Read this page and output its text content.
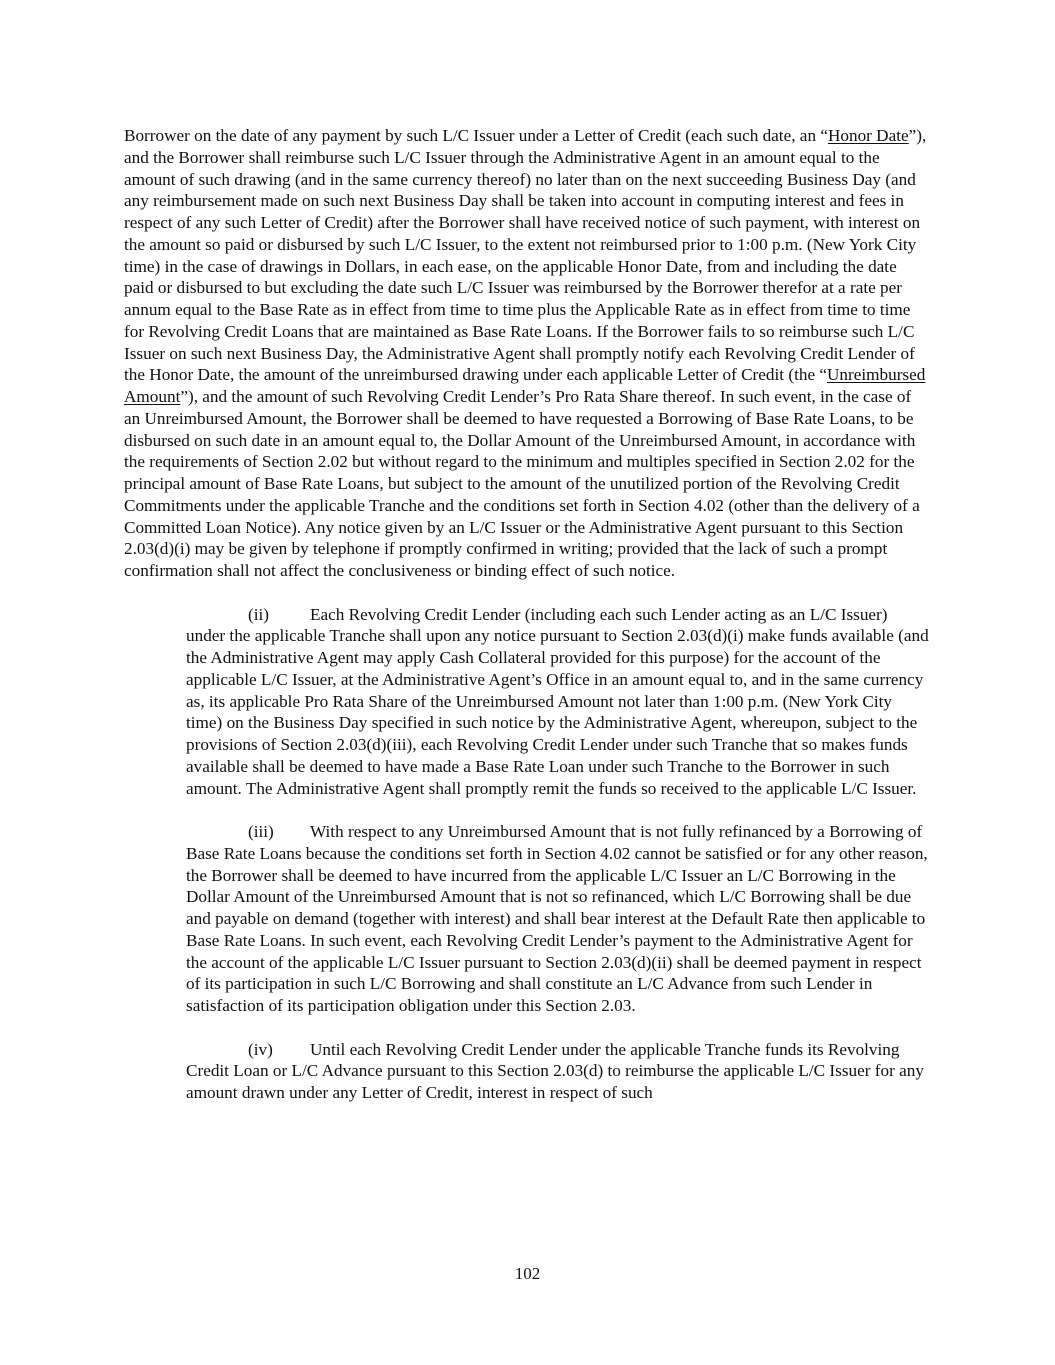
Borrower on the date of any payment by such L/C Issuer under a Letter of Credit (each such date, an “Honor Date”), and the Borrower shall reimburse such L/C Issuer through the Administrative Agent in an amount equal to the amount of such drawing (and in the same currency thereof) no later than on the next succeeding Business Day (and any reimbursement made on such next Business Day shall be taken into account in computing interest and fees in respect of any such Letter of Credit) after the Borrower shall have received notice of such payment, with interest on the amount so paid or disbursed by such L/C Issuer, to the extent not reimbursed prior to 1:00 p.m. (New York City time) in the case of drawings in Dollars, in each ease, on the applicable Honor Date, from and including the date paid or disbursed to but excluding the date such L/C Issuer was reimbursed by the Borrower therefor at a rate per annum equal to the Base Rate as in effect from time to time plus the Applicable Rate as in effect from time to time for Revolving Credit Loans that are maintained as Base Rate Loans. If the Borrower fails to so reimburse such L/C Issuer on such next Business Day, the Administrative Agent shall promptly notify each Revolving Credit Lender of the Honor Date, the amount of the unreimbursed drawing under each applicable Letter of Credit (the “Unreimbursed Amount”), and the amount of such Revolving Credit Lender’s Pro Rata Share thereof. In such event, in the case of an Unreimbursed Amount, the Borrower shall be deemed to have requested a Borrowing of Base Rate Loans, to be disbursed on such date in an amount equal to, the Dollar Amount of the Unreimbursed Amount, in accordance with the requirements of Section 2.02 but without regard to the minimum and multiples specified in Section 2.02 for the principal amount of Base Rate Loans, but subject to the amount of the unutilized portion of the Revolving Credit Commitments under the applicable Tranche and the conditions set forth in Section 4.02 (other than the delivery of a Committed Loan Notice). Any notice given by an L/C Issuer or the Administrative Agent pursuant to this Section 2.03(d)(i) may be given by telephone if promptly confirmed in writing; provided that the lack of such a prompt confirmation shall not affect the conclusiveness or binding effect of such notice.

(ii) Each Revolving Credit Lender (including each such Lender acting as an L/C Issuer) under the applicable Tranche shall upon any notice pursuant to Section 2.03(d)(i) make funds available (and the Administrative Agent may apply Cash Collateral provided for this purpose) for the account of the applicable L/C Issuer, at the Administrative Agent’s Office in an amount equal to, and in the same currency as, its applicable Pro Rata Share of the Unreimbursed Amount not later than 1:00 p.m. (New York City time) on the Business Day specified in such notice by the Administrative Agent, whereupon, subject to the provisions of Section 2.03(d)(iii), each Revolving Credit Lender under such Tranche that so makes funds available shall be deemed to have made a Base Rate Loan under such Tranche to the Borrower in such amount. The Administrative Agent shall promptly remit the funds so received to the applicable L/C Issuer.

(iii) With respect to any Unreimbursed Amount that is not fully refinanced by a Borrowing of Base Rate Loans because the conditions set forth in Section 4.02 cannot be satisfied or for any other reason, the Borrower shall be deemed to have incurred from the applicable L/C Issuer an L/C Borrowing in the Dollar Amount of the Unreimbursed Amount that is not so refinanced, which L/C Borrowing shall be due and payable on demand (together with interest) and shall bear interest at the Default Rate then applicable to Base Rate Loans. In such event, each Revolving Credit Lender’s payment to the Administrative Agent for the account of the applicable L/C Issuer pursuant to Section 2.03(d)(ii) shall be deemed payment in respect of its participation in such L/C Borrowing and shall constitute an L/C Advance from such Lender in satisfaction of its participation obligation under this Section 2.03.

(iv) Until each Revolving Credit Lender under the applicable Tranche funds its Revolving Credit Loan or L/C Advance pursuant to this Section 2.03(d) to reimburse the applicable L/C Issuer for any amount drawn under any Letter of Credit, interest in respect of such

102
